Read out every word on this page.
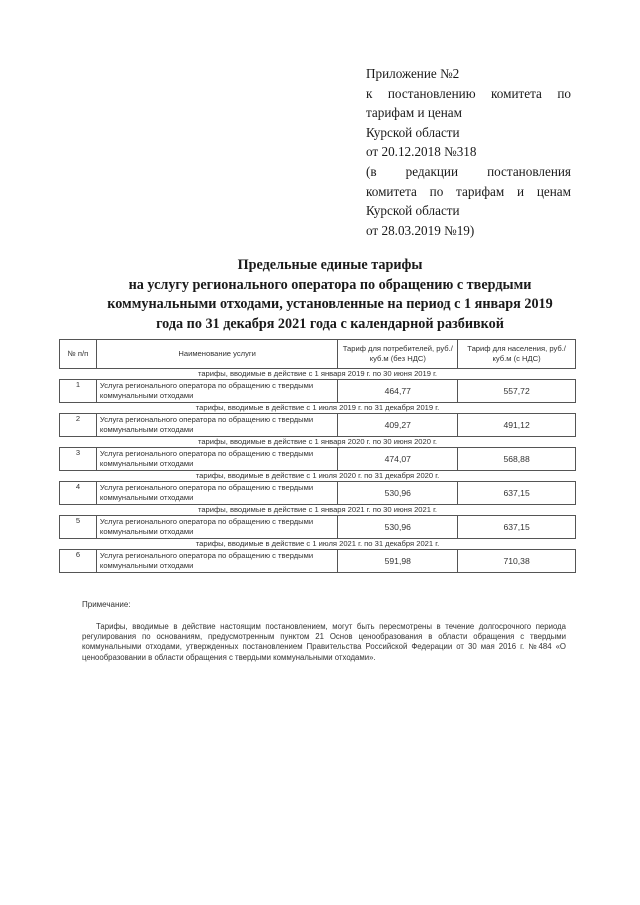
Приложение №2
к постановлению комитета по
тарифам и ценам
Курской области
от 20.12.2018 №318
(в редакции постановления
комитета по тарифам и ценам
Курской области
от 28.03.2019 №19)
Предельные единые тарифы
на услугу регионального оператора по обращению с твердыми
коммунальными отходами, установленные на период с 1 января 2019
года по 31 декабря 2021 года с календарной разбивкой
№ п/п	Наименование услуги	Тариф для потребителей, руб./ куб.м (без НДС)	Тариф для населения, руб./ куб.м (с НДС)
тарифы, вводимые в действие с 1 января 2019 г. по 30 июня 2019 г.			
1	Услуга регионального оператора по обращению с твердыми коммунальными отходами	464,77	557,72
тарифы, вводимые в действие с 1 июля 2019 г. по 31 декабря 2019 г.			
2	Услуга регионального оператора по обращению с твердыми коммунальными отходами	409,27	491,12
тарифы, вводимые в действие с 1 января 2020 г. по 30 июня 2020 г.			
3	Услуга регионального оператора по обращению с твердыми коммунальными отходами	474,07	568,88
тарифы, вводимые в действие с 1 июля 2020 г. по 31 декабря 2020 г.			
4	Услуга регионального оператора по обращению с твердыми коммунальными отходами	530,96	637,15
тарифы, вводимые в действие с 1 января 2021 г. по 30 июня 2021 г.			
5	Услуга регионального оператора по обращению с твердыми коммунальными отходами	530,96	637,15
тарифы, вводимые в действие с 1 июля 2021 г. по 31 декабря 2021 г.			
6	Услуга регионального оператора по обращению с твердыми коммунальными отходами	591,98	710,38
Примечание:
Тарифы, вводимые в действие настоящим постановлением, могут быть пересмотрены в течение долгосрочного периода регулирования по основаниям, предусмотренным пунктом 21 Основ ценообразования в области обращения с твердыми коммунальными отходами, утвержденных постановлением Правительства Российской Федерации от 30 мая 2016 г. №484 «О ценообразовании в области обращения с твердыми коммунальными отходами».
